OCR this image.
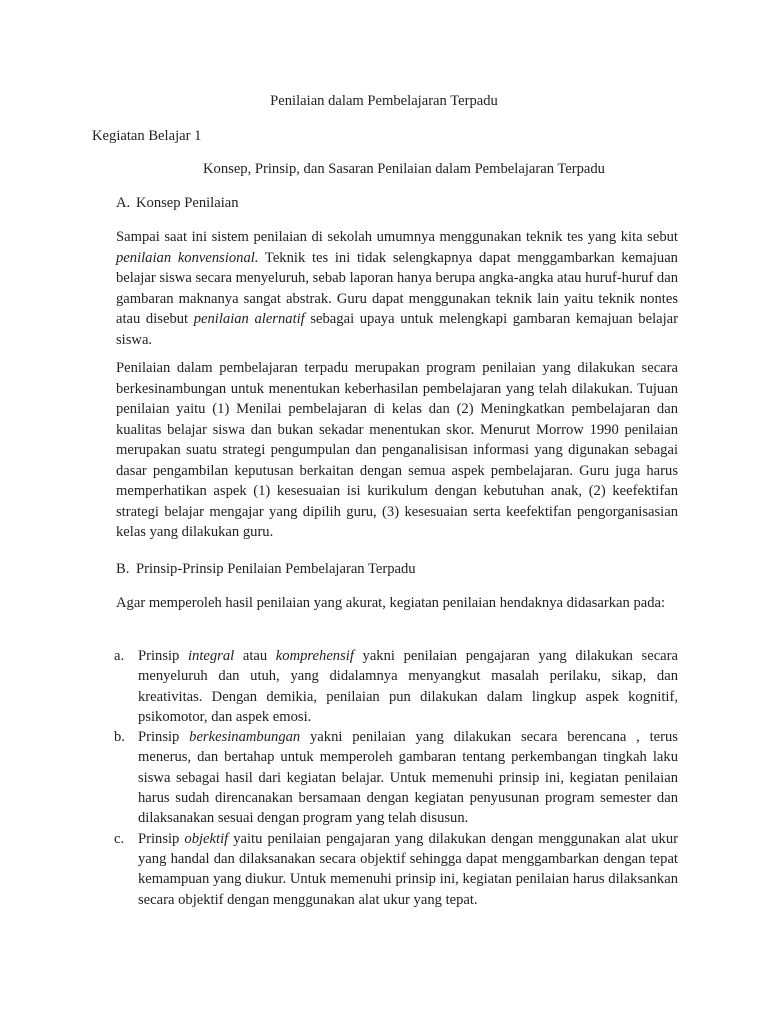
Penilaian dalam Pembelajaran Terpadu
Kegiatan Belajar 1
Konsep, Prinsip, dan Sasaran Penilaian dalam Pembelajaran Terpadu
A. Konsep Penilaian

Sampai saat ini sistem penilaian di sekolah umumnya menggunakan teknik tes yang kita sebut penilaian konvensional. Teknik tes ini tidak selengkapnya dapat menggambarkan kemajuan belajar siswa secara menyeluruh, sebab laporan hanya berupa angka-angka atau huruf-huruf dan gambaran maknanya sangat abstrak. Guru dapat menggunakan teknik lain yaitu teknik nontes atau disebut penilaian alernatif sebagai upaya untuk melengkapi gambaran kemajuan belajar siswa.

Penilaian dalam pembelajaran terpadu merupakan program penilaian yang dilakukan secara berkesinambungan untuk menentukan keberhasilan pembelajaran yang telah dilakukan. Tujuan penilaian yaitu (1) Menilai pembelajaran di kelas dan (2) Meningkatkan pembelajaran dan kualitas belajar siswa dan bukan sekadar menentukan skor. Menurut Morrow 1990 penilaian merupakan suatu strategi pengumpulan dan penganalisisan informasi yang digunakan sebagai dasar pengambilan keputusan berkaitan dengan semua aspek pembelajaran. Guru juga harus memperhatikan aspek (1) kesesuaian isi kurikulum dengan kebutuhan anak, (2) keefektifan strategi belajar mengajar yang dipilih guru, (3) kesesuaian serta keefektifan pengorganisasian kelas yang dilakukan guru.

B. Prinsip-Prinsip Penilaian Pembelajaran Terpadu

Agar memperoleh hasil penilaian yang akurat, kegiatan penilaian hendaknya didasarkan pada:

a. Prinsip integral atau komprehensif yakni penilaian pengajaran yang dilakukan secara menyeluruh dan utuh, yang didalamnya menyangkut masalah perilaku, sikap, dan kreativitas. Dengan demikia, penilaian pun dilakukan dalam lingkup aspek kognitif, psikomotor, dan aspek emosi.
b. Prinsip berkesinambungan yakni penilaian yang dilakukan secara berencana , terus menerus, dan bertahap untuk memperoleh gambaran tentang perkembangan tingkah laku siswa sebagai hasil dari kegiatan belajar. Untuk memenuhi prinsip ini, kegiatan penilaian harus sudah direncanakan bersamaan dengan kegiatan penyusunan program semester dan dilaksanakan sesuai dengan program yang telah disusun.
c. Prinsip objektif yaitu penilaian pengajaran yang dilakukan dengan menggunakan alat ukur yang handal dan dilaksanakan secara objektif sehingga dapat menggambarkan dengan tepat kemampuan yang diukur. Untuk memenuhi prinsip ini, kegiatan penilaian harus dilaksankan secara objektif dengan menggunakan alat ukur yang tepat.
